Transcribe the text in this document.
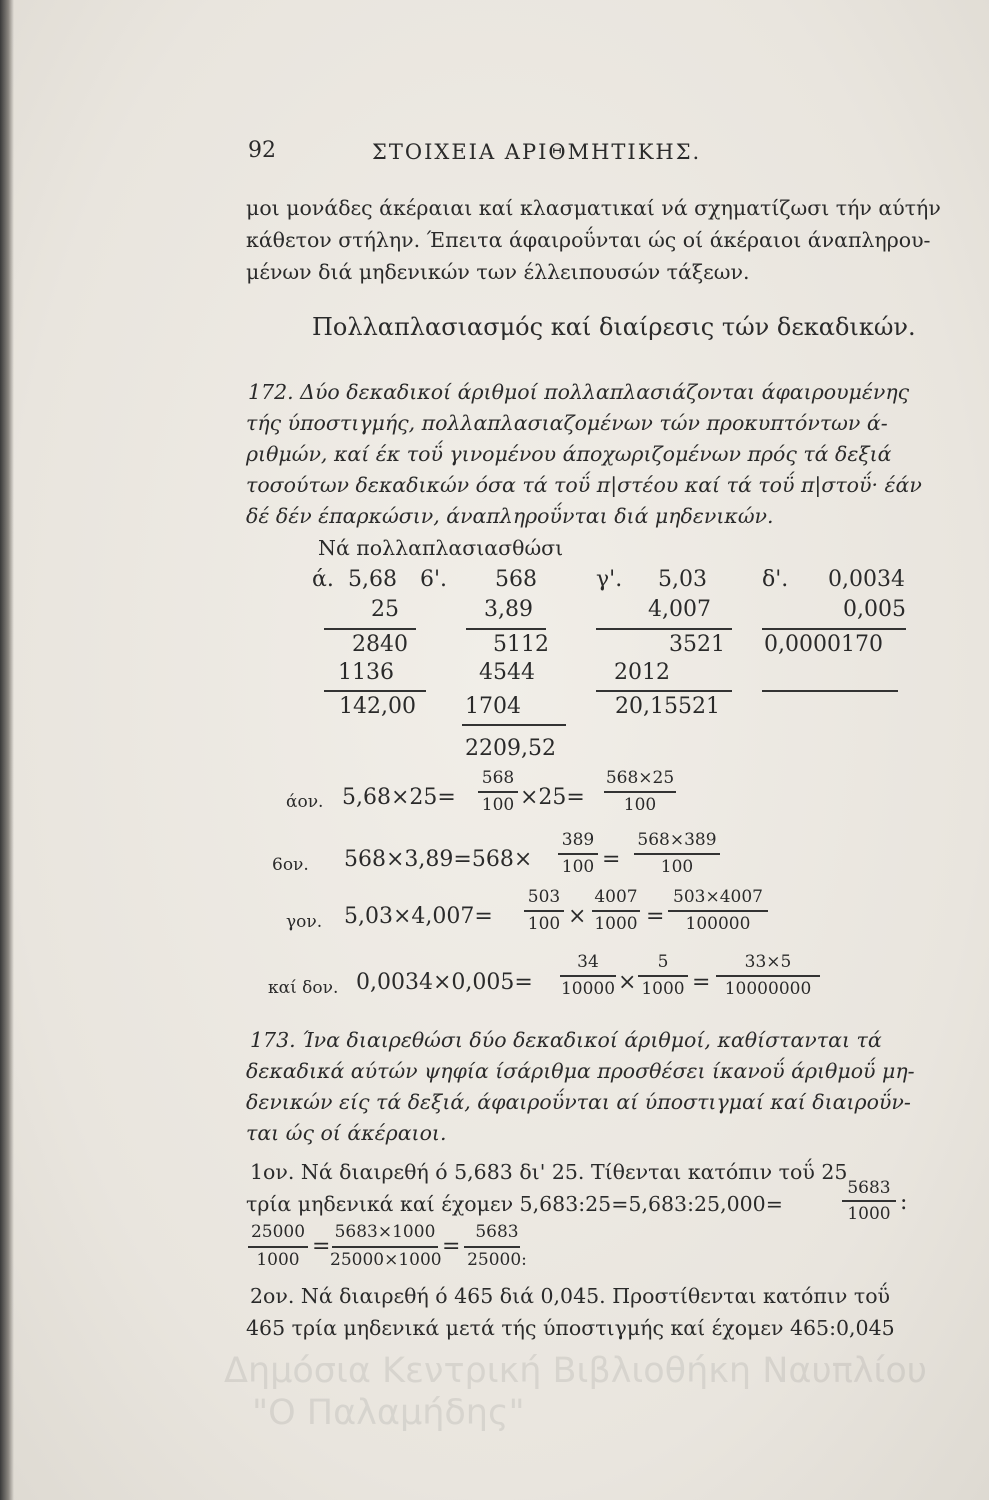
92	ΣΤΟΙΧΕΙΑ ΑΡΙΘΜΗΤΙΚΗΣ.
μοι μονάδες άκέραιαι καί κλασματικαί νά σχηματίζωσι τήν αύτήν
κάθετον στήλην. Έπειτα άφαιροΰνται ώς οί άκέραιοι άναπληρου-
μένων διά μηδενικών των έλλειπουσών τάξεων.
Πολλαπλασιασμός καί διαίρεσις τών δεκαδικών.
172. Δύο δεκαδικοί άριθμοί πολλαπλασιάζονται άφαιρουμένης
τής ύποστιγμής, πολλαπλασιαζομένων τών προκυπτόντων ά-
ριθμών, καί έκ τοΰ γινομένου άποχωριζομένων πρός τά δεξιά
τοσούτων δεκαδικών όσα τά τοΰ π|στέου καί τά τοΰ π|στοΰ· έάν
δέ δέν έπαρκώσιν, άναπληροΰνται διά μηδενικών.
Νά πολλαπλασιασθώσι
ά. 5,68
25
2840
1136
142,00
6'. 568
3,89
5112
4544
1704
2209,52
γ'. 5,03
4,007
3521
2012
20,15521
δ'. 0,0034
0,005
0,0000170
άον. 5,68×25=
568
100 ×25=
568×25
100
6ον. 568×3,89=568×
389
100 =
568×389
100
γον. 5,03×4,007=
503
100 ×
4007
1000 =
503×4007
100000
καί δον. 0,0034×0,005=
34
10000 ×
5
1000 =
33×5
10000000
173. Ίνα διαιρεθώσι δύο δεκαδικοί άριθμοί, καθίστανται τά
δεκαδικά αύτών ψηφία ίσάριθμα προσθέσει ίκανοΰ άριθμοΰ μη-
δενικών είς τά δεξιά, άφαιροΰνται αί ύποστιγμαί καί διαιροΰν-
ται ώς οί άκέραιοι.
1ον. Νά διαιρεθή ό 5,683 δι' 25. Τίθενται κατόπιν τοΰ 25
τρία μηδενικά καί έχομεν 5,683:25=5,683:25,000=
5683
1000 :
25000
1000
=
5683×1000
25000×1000
=
5683
25000:
2ον. Νά διαιρεθή ό 465 διά 0,045. Προστίθενται κατόπιν τοΰ
465 τρία μηδενικά μετά τής ύποστιγμής καί έχομεν 465:0,045
Δημόσια Κεντρική Βιβλιοθήκη Ναυπλίου
"Ο Παλαμήδης"
